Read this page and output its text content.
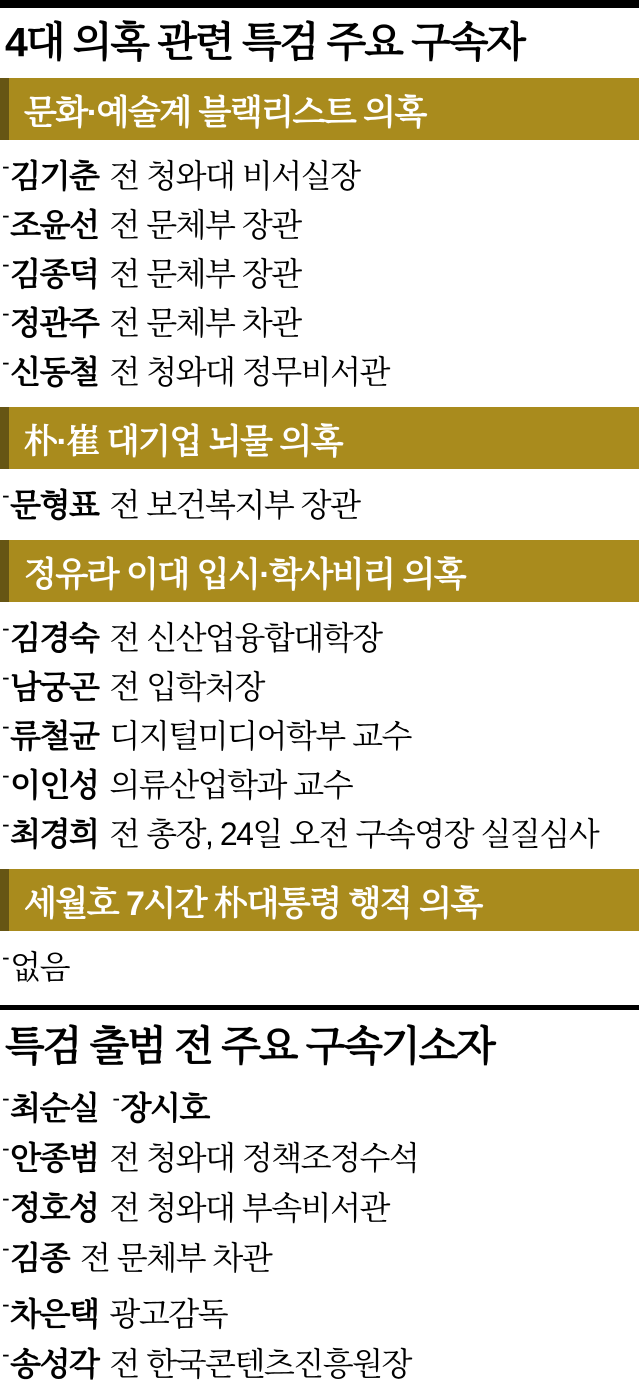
4대 의혹 관련 특검 주요 구속자
문화·예술계 블랙리스트 의혹
- 김기춘 전 청와대 비서실장
- 조윤선 전 문체부 장관
- 김종덕 전 문체부 장관
- 정관주 전 문체부 차관
- 신동철 전 청와대 정무비서관
朴·崔 대기업 뇌물 의혹
- 문형표 전 보건복지부 장관
정유라 이대 입시·학사비리 의혹
- 김경숙 전 신산업융합대학장
- 남궁곤 전 입학처장
- 류철균 디지털미디어학부 교수
- 이인성 의류산업학과 교수
- 최경희 전 총장, 24일 오전 구속영장 실질심사
세월호 7시간 朴대통령 행적 의혹
- 없음
특검 출범 전 주요 구속기소자
- 최순실 - 장시호
- 안종범 전 청와대 정책조정수석
- 정호성 전 청와대 부속비서관
- 김종 전 문체부 차관
- 차은택 광고감독
- 송성각 전 한국콘텐츠진흥원장
